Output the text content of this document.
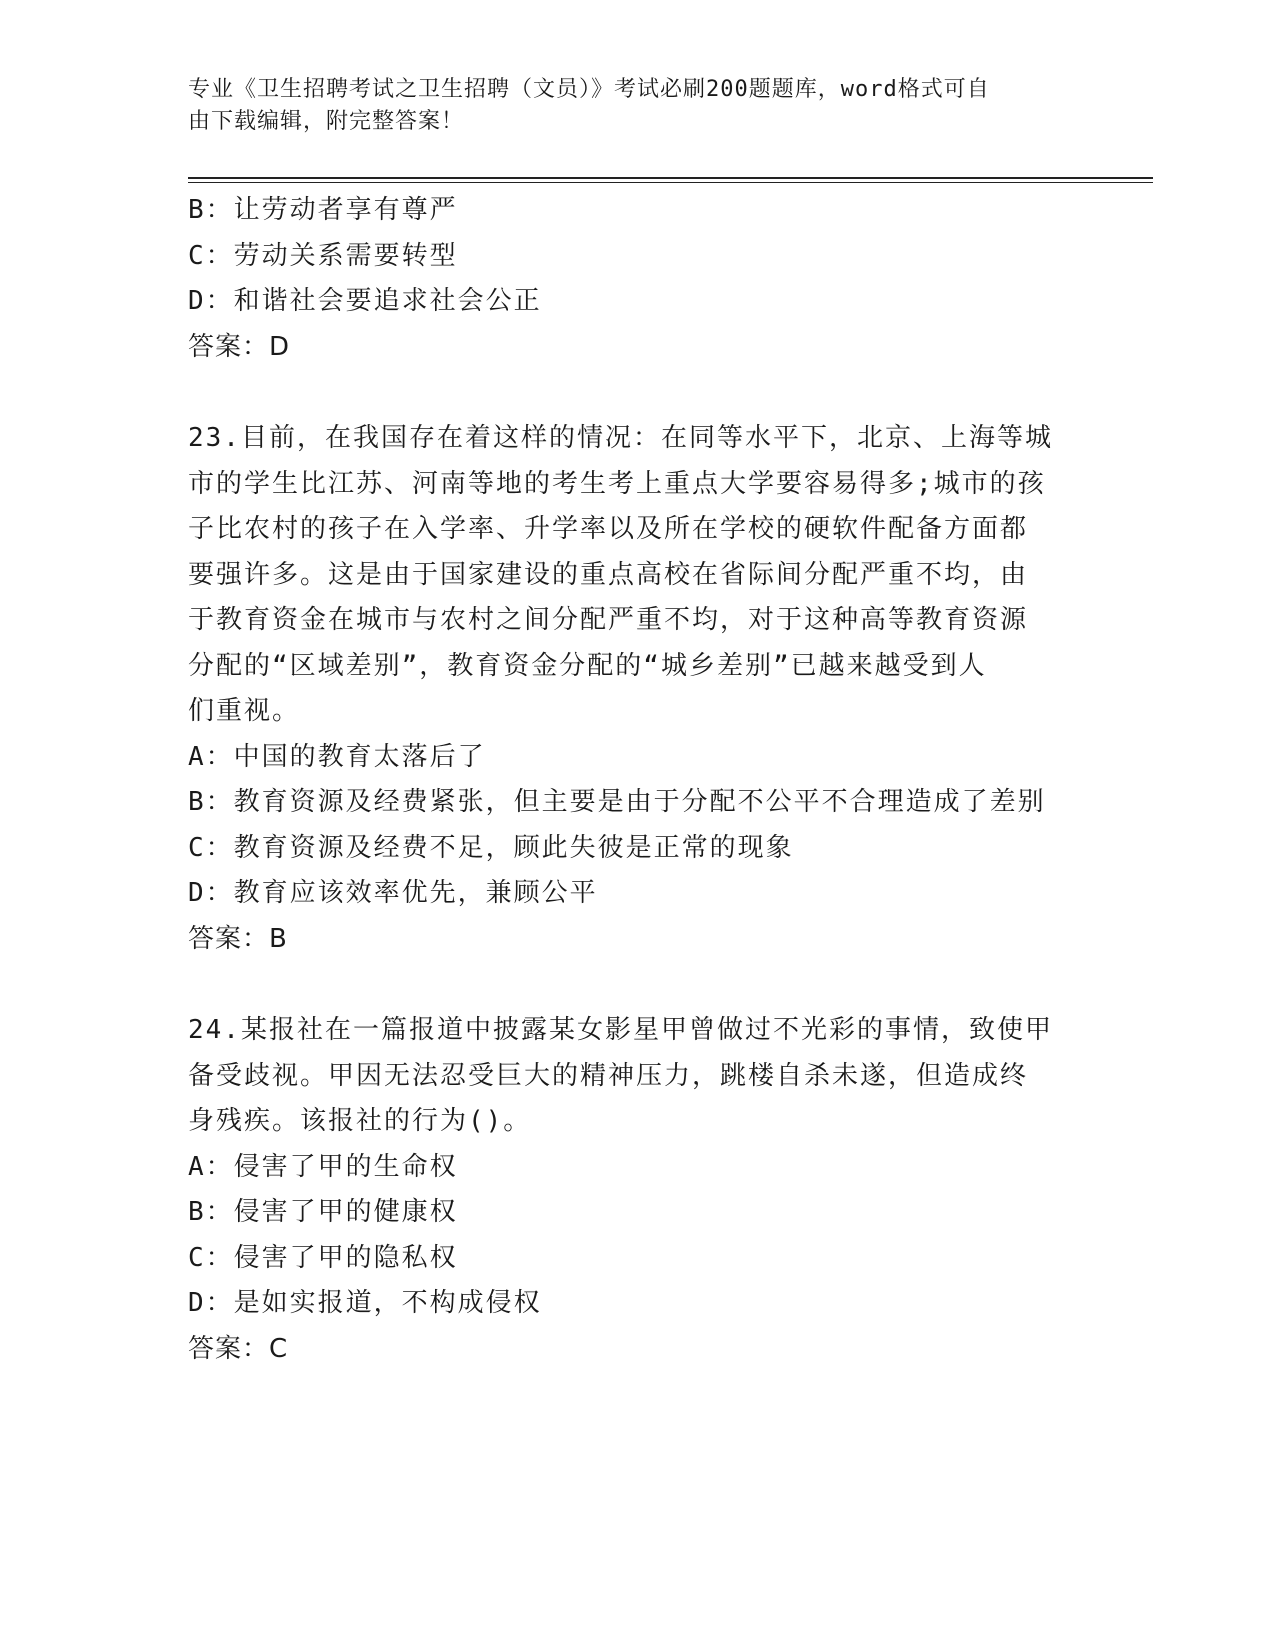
专业《卫生招聘考试之卫生招聘（文员）》考试必刷200题题库，word格式可自
由下载编辑，附完整答案！
B：让劳动者享有尊严
C：劳动关系需要转型
D：和谐社会要追求社会公正
答案：D
23.目前，在我国存在着这样的情况：在同等水平下，北京、上海等城
市的学生比江苏、河南等地的考生考上重点大学要容易得多;城市的孩
子比农村的孩子在入学率、升学率以及所在学校的硬软件配备方面都
要强许多。这是由于国家建设的重点高校在省际间分配严重不均，由
于教育资金在城市与农村之间分配严重不均，对于这种高等教育资源
分配的“区域差别”，教育资金分配的“城乡差别”已越来越受到人
们重视。
A：中国的教育太落后了
B：教育资源及经费紧张，但主要是由于分配不公平不合理造成了差别
C：教育资源及经费不足，顾此失彼是正常的现象
D：教育应该效率优先，兼顾公平
答案：B
24.某报社在一篇报道中披露某女影星甲曾做过不光彩的事情，致使甲
备受歧视。甲因无法忍受巨大的精神压力，跳楼自杀未遂，但造成终
身残疾。该报社的行为()。
A：侵害了甲的生命权
B：侵害了甲的健康权
C：侵害了甲的隐私权
D：是如实报道，不构成侵权
答案：C
